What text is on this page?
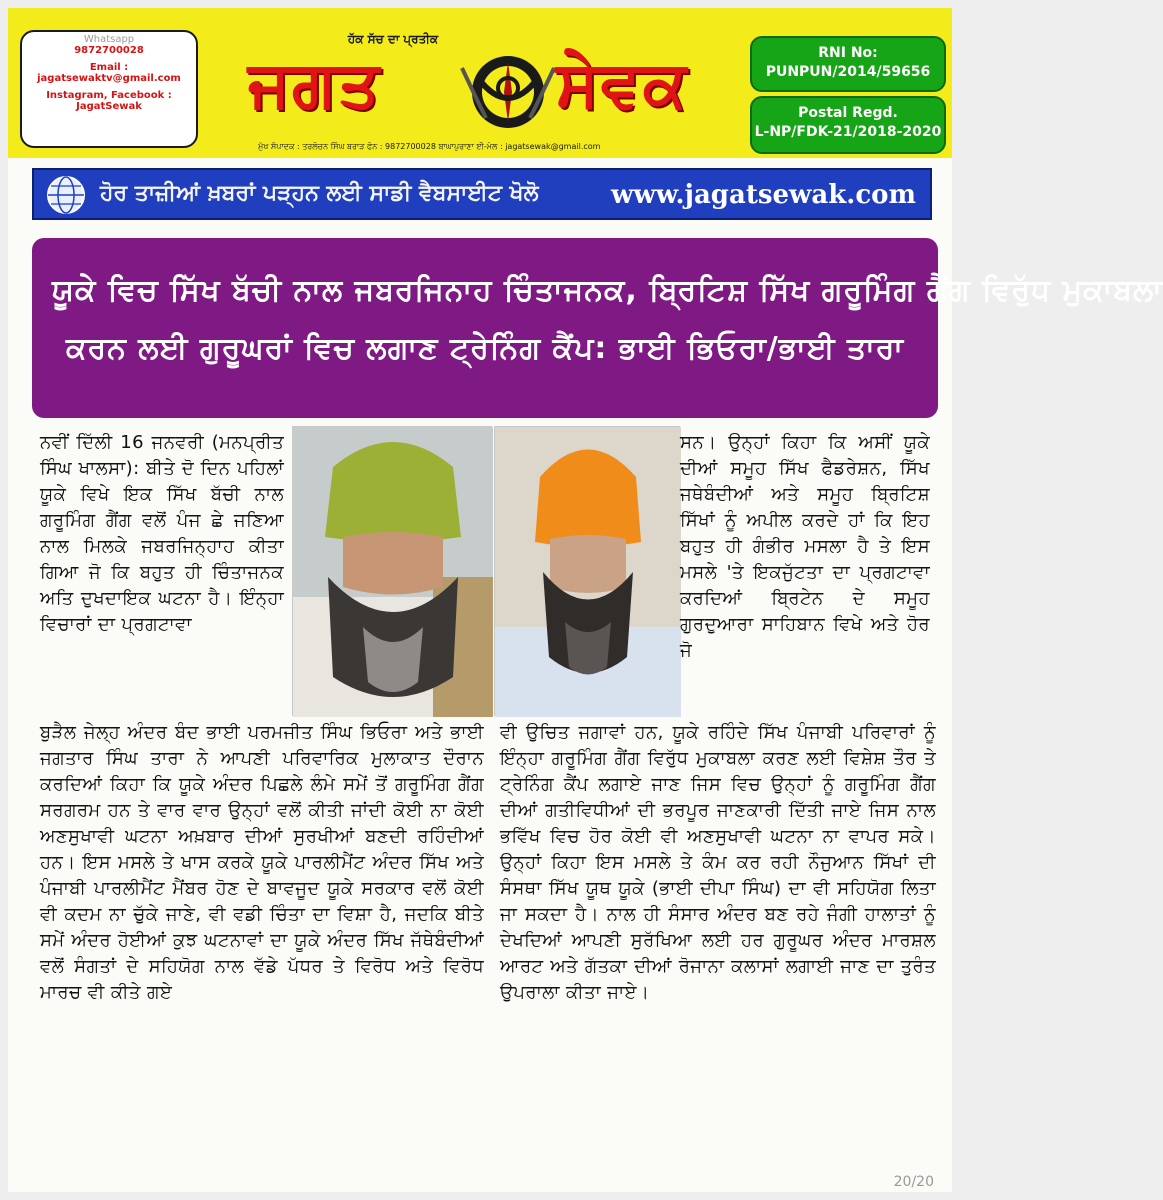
Whatsapp
9872700028
Email :
jagatsewaktv@gmail.com
Instagram, Facebook :
JagatSewak
ਹੱਕ ਸੱਚ ਦਾ ਪ੍ਰਤੀਕ
ਜਗਤ	ਸੇਵਕ
ਮੁੱਖ ਸੰਪਾਦਕ : ਤਰਲੋਚਨ ਸਿੰਘ ਬਰਾੜ ਫੋਨ : 9872700028 ਬਾਘਾਪੁਰਾਣਾ ਈ-ਮੇਲ : jagatsewak@gmail.com
RNI No:
PUNPUN/2014/59656
Postal Regd.
L-NP/FDK-21/2018-2020
ਹੋਰ ਤਾਜ਼ੀਆਂ ਖ਼ਬਰਾਂ ਪੜ੍ਹਨ ਲਈ ਸਾਡੀ ਵੈਬਸਾਈਟ ਖੋਲੋ	www.jagatsewak.com
ਯੂਕੇ ਵਿਚ ਸਿੱਖ ਬੱਚੀ ਨਾਲ ਜਬਰਜਿਨਾਹ ਚਿੰਤਾਜਨਕ, ਬ੍ਰਿਟਿਸ਼ ਸਿੱਖ ਗਰੂਮਿੰਗ ਗੈਂਗ ਵਿਰੁੱਧ ਮੁਕਾਬਲਾ
ਕਰਨ ਲਈ ਗੁਰੂਘਰਾਂ ਵਿਚ ਲਗਾਣ ਟ੍ਰੇਨਿੰਗ ਕੈਂਪ: ਭਾਈ ਭਿਓਰਾ/ਭਾਈ ਤਾਰਾ
ਨਵੀਂ ਦਿੱਲੀ 16 ਜਨਵਰੀ (ਮਨਪ੍ਰੀਤ ਸਿੰਘ ਖਾਲਸਾ): ਬੀਤੇ ਦੋ ਦਿਨ ਪਹਿਲਾਂ ਯੂਕੇ ਵਿਖੇ ਇਕ ਸਿੱਖ ਬੱਚੀ ਨਾਲ ਗਰੂਮਿੰਗ ਗੈਂਗ ਵਲੋਂ ਪੰਜ ਛੇ ਜਣਿਆ ਨਾਲ ਮਿਲਕੇ ਜਬਰਜਿਨ੍ਹਾਹ ਕੀਤਾ ਗਿਆ ਜੋ ਕਿ ਬਹੁਤ ਹੀ ਚਿੰਤਾਜਨਕ ਅਤਿ ਦੁਖਦਾਇਕ ਘਟਨਾ ਹੈ। ਇੰਨ੍ਹਾ ਵਿਚਾਰਾਂ ਦਾ ਪ੍ਰਗਟਾਵਾ
ਸਨ। ਉਨ੍ਹਾਂ ਕਿਹਾ ਕਿ ਅਸੀਂ ਯੂਕੇ ਦੀਆਂ ਸਮੂਹ ਸਿੱਖ ਫੈਡਰੇਸ਼ਨ, ਸਿੱਖ ਜਥੇਬੰਦੀਆਂ ਅਤੇ ਸਮੂਹ ਬ੍ਰਿਟਿਸ਼ ਸਿੱਖਾਂ ਨੂੰ ਅਪੀਲ ਕਰਦੇ ਹਾਂ ਕਿ ਇਹ ਬਹੁਤ ਹੀ ਗੰਭੀਰ ਮਸਲਾ ਹੈ ਤੇ ਇਸ ਮਸਲੇ 'ਤੇ ਇਕਜੁੱਟਤਾ ਦਾ ਪ੍ਰਗਟਾਵਾ ਕਰਦਿਆਂ ਬ੍ਰਿਟੇਨ ਦੇ ਸਮੂਹ ਗੁਰਦੁਆਰਾ ਸਾਹਿਬਾਨ ਵਿਖੇ ਅਤੇ ਹੋਰ ਜੋ
ਬੁੜੈਲ ਜੇਲ੍ਹ ਅੰਦਰ ਬੰਦ ਭਾਈ ਪਰਮਜੀਤ ਸਿੰਘ ਭਿਓਰਾ ਅਤੇ ਭਾਈ ਜਗਤਾਰ ਸਿੰਘ ਤਾਰਾ ਨੇ ਆਪਣੀ ਪਰਿਵਾਰਿਕ ਮੁਲਾਕਾਤ ਦੌਰਾਨ ਕਰਦਿਆਂ ਕਿਹਾ ਕਿ ਯੂਕੇ ਅੰਦਰ ਪਿਛਲੇ ਲੰਮੇ ਸਮੇਂ ਤੋਂ ਗਰੂਮਿੰਗ ਗੈਂਗ ਸਰਗਰਮ ਹਨ ਤੇ ਵਾਰ ਵਾਰ ਉਨ੍ਹਾਂ ਵਲੋਂ ਕੀਤੀ ਜਾਂਦੀ ਕੋਈ ਨਾ ਕੋਈ ਅਣਸੁਖਾਵੀ ਘਟਨਾ ਅਖ਼ਬਾਰ ਦੀਆਂ ਸੁਰਖੀਆਂ ਬਣਦੀ ਰਹਿੰਦੀਆਂ ਹਨ। ਇਸ ਮਸਲੇ ਤੇ ਖਾਸ ਕਰਕੇ ਯੂਕੇ ਪਾਰਲੀਮੈਂਟ ਅੰਦਰ ਸਿੱਖ ਅਤੇ ਪੰਜਾਬੀ ਪਾਰਲੀਮੈਂਟ ਮੈਂਬਰ ਹੋਣ ਦੇ ਬਾਵਜੂਦ ਯੂਕੇ ਸਰਕਾਰ ਵਲੋਂ ਕੋਈ ਵੀ ਕਦਮ ਨਾ ਚੁੱਕੇ ਜਾਣੇ, ਵੀ ਵਡੀ ਚਿੰਤਾ ਦਾ ਵਿਸ਼ਾ ਹੈ, ਜਦਕਿ ਬੀਤੇ ਸਮੇਂ ਅੰਦਰ ਹੋਈਆਂ ਕੁਝ ਘਟਨਾਵਾਂ ਦਾ ਯੂਕੇ ਅੰਦਰ ਸਿੱਖ ਜੱਥੇਬੰਦੀਆਂ ਵਲੋਂ ਸੰਗਤਾਂ ਦੇ ਸਹਿਯੋਗ ਨਾਲ ਵੱਡੇ ਪੱਧਰ ਤੇ ਵਿਰੋਧ ਅਤੇ ਵਿਰੋਧ ਮਾਰਚ ਵੀ ਕੀਤੇ ਗਏ
ਵੀ ਉਚਿਤ ਜਗਾਵਾਂ ਹਨ, ਯੂਕੇ ਰਹਿੰਦੇ ਸਿੱਖ ਪੰਜਾਬੀ ਪਰਿਵਾਰਾਂ ਨੂੰ ਇੰਨ੍ਹਾ ਗਰੂਮਿੰਗ ਗੈਂਗ ਵਿਰੁੱਧ ਮੁਕਾਬਲਾ ਕਰਣ ਲਈ ਵਿਸ਼ੇਸ਼ ਤੌਰ ਤੇ ਟ੍ਰੇਨਿੰਗ ਕੈਂਪ ਲਗਾਏ ਜਾਣ ਜਿਸ ਵਿਚ ਉਨ੍ਹਾਂ ਨੂੰ ਗਰੂਮਿੰਗ ਗੈਂਗ ਦੀਆਂ ਗਤੀਵਿਧੀਆਂ ਦੀ ਭਰਪੂਰ ਜਾਣਕਾਰੀ ਦਿੱਤੀ ਜਾਏ ਜਿਸ ਨਾਲ ਭਵਿੱਖ ਵਿਚ ਹੋਰ ਕੋਈ ਵੀ ਅਣਸੁਖਾਵੀ ਘਟਨਾ ਨਾ ਵਾਪਰ ਸਕੇ। ਉਨ੍ਹਾਂ ਕਿਹਾ ਇਸ ਮਸਲੇ ਤੇ ਕੰਮ ਕਰ ਰਹੀ ਨੌਜੁਆਨ ਸਿੱਖਾਂ ਦੀ ਸੰਸਥਾ ਸਿੱਖ ਯੂਥ ਯੂਕੇ (ਭਾਈ ਦੀਪਾ ਸਿੰਘ) ਦਾ ਵੀ ਸਹਿਯੋਗ ਲਿਤਾ ਜਾ ਸਕਦਾ ਹੈ। ਨਾਲ ਹੀ ਸੰਸਾਰ ਅੰਦਰ ਬਣ ਰਹੇ ਜੰਗੀ ਹਾਲਾਤਾਂ ਨੂੰ ਦੇਖਦਿਆਂ ਆਪਣੀ ਸੁਰੱਖਿਆ ਲਈ ਹਰ ਗੁਰੂਘਰ ਅੰਦਰ ਮਾਰਸ਼ਲ ਆਰਟ ਅਤੇ ਗੱਤਕਾ ਦੀਆਂ ਰੋਜਾਨਾ ਕਲਾਸਾਂ ਲਗਾਈ ਜਾਣ ਦਾ ਤੁਰੰਤ ਉਪਰਾਲਾ ਕੀਤਾ ਜਾਏ।
20/20
